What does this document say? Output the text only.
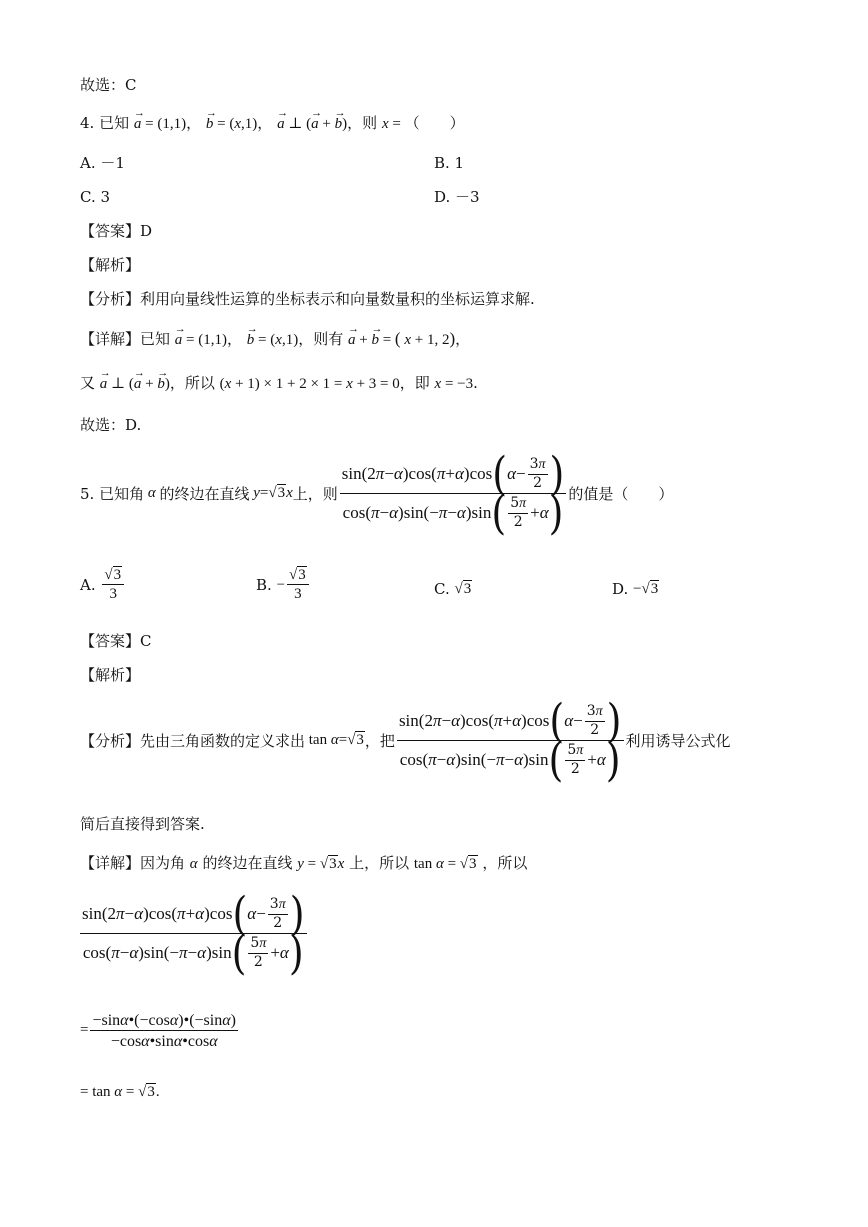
故选：C
4. 已知 → a = (1,1)， → b = (x,1)， → a ⊥ (→ a + → b)，则 x = （　　）
A. －1	B. 1
C. 3	D. －3
【答案】D
【解析】
【分析】利用向量线性运算的坐标表示和向量数量积的坐标运算求解.
【详解】已知 → a = (1,1)， → b = (x,1)，则有 → a + → b = ( x + 1, 2)，
又 → a ⊥ (→ a + → b)，所以 (x + 1) × 1 + 2 × 1 = x + 3 = 0，即 x = −3.
故选：D.
5. 已知角 α 的终边在直线 y = √3 x 上，则 $\frac{\sin(2 \pi - \alpha )\cos( \pi + \alpha )\cos ( \alpha - \frac{3\pi}{2} )}{\cos( \pi - \alpha )\sin(- \pi - \alpha )\sin ( \frac{5\pi}{2} + \alpha )}$ 的值是（　　）
A.
$\frac{√3}{3}$	B.
− $\frac{√3}{3}$	C.
√3	D.
− √3
【答案】C
【解析】
【分析】先由三角函数的定义求出 tan α = √3 ，把 $\frac{\sin(2 \pi - \alpha )\cos( \pi + \alpha )\cos ( \alpha - \frac{3\pi}{2} )}{\cos( \pi - \alpha )\sin(- \pi - \alpha )\sin ( \frac{5\pi}{2} + \alpha )}$ 利用诱导公式化
简后直接得到答案.
【详解】因为角 α 的终边在直线 y = √3x 上，所以 tan α = √3 ，所以
$\frac{\sin(2 \pi - \alpha )\cos( \pi + \alpha )\cos ( \alpha - \frac{3\pi}{2} )}{\cos( \pi - \alpha )\sin(- \pi - \alpha )\sin ( \frac{5\pi}{2} + \alpha )}$
= $\frac{-\sin\alpha•(-\cos\alpha)•(-\sin\alpha)}{-\cos\alpha•\sin\alpha•\cos\alpha}$
= tan α = √3.
